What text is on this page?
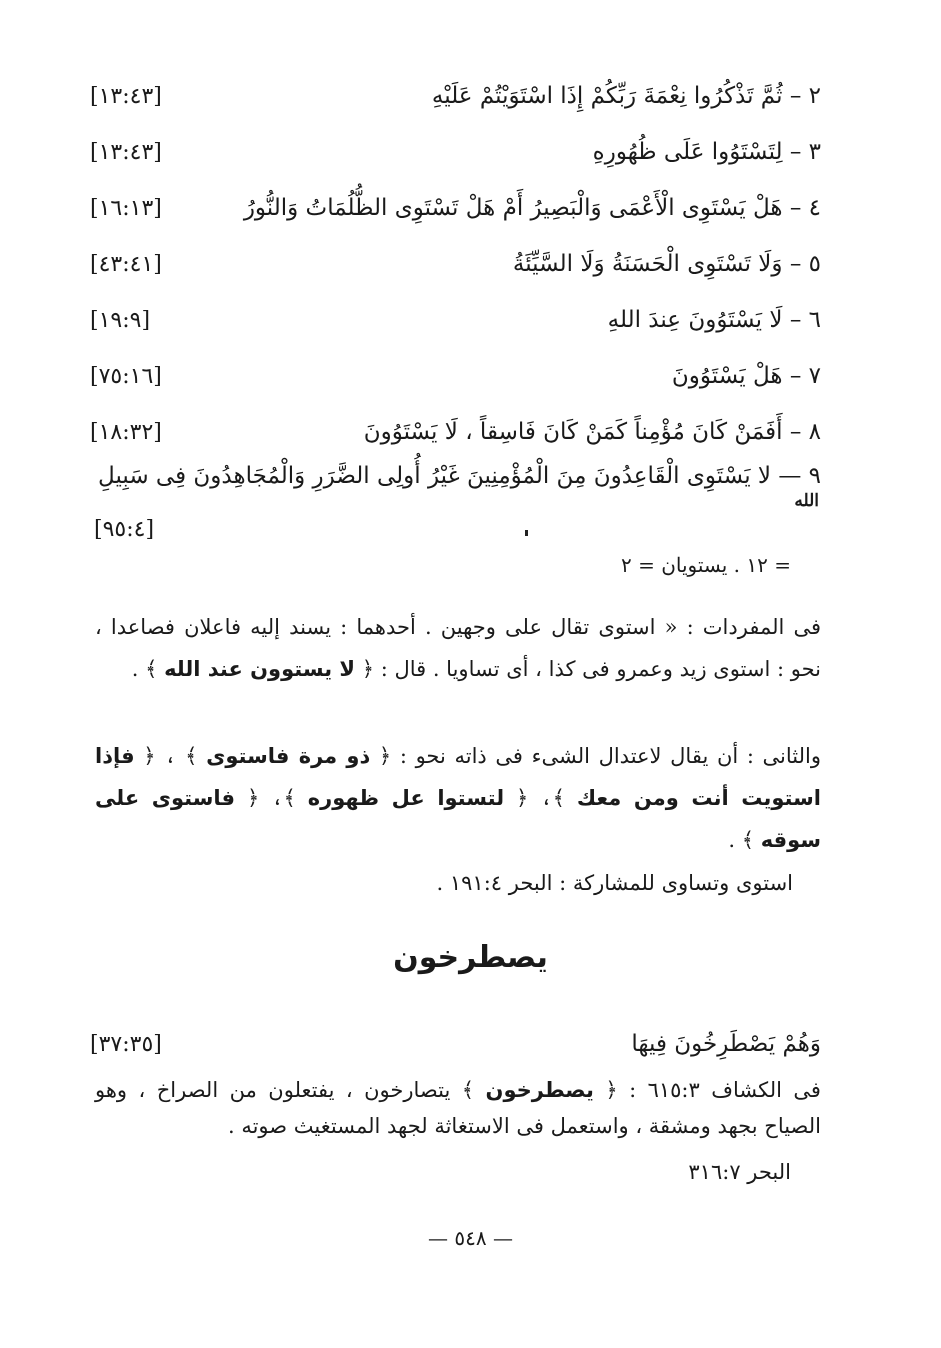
٢ – ثُمَّ تَذْكُرُوا نِعْمَةَ رَبِّكُمْ إِذَا اسْتَوَيْتُمْ عَلَيْهِ
[١٣:٤٣]
٣ – لِتَسْتَوُوا عَلَى ظُهُورِهِ
[١٣:٤٣]
٤ – هَلْ يَسْتَوِى الْأَعْمَى وَالْبَصِيرُ أَمْ هَلْ تَسْتَوِى الظُّلُمَاتُ وَالنُّورُ
[١٦:١٣]
٥ – وَلَا تَسْتَوِى الْحَسَنَةُ وَلَا السَّيِّئَةُ
[٤٣:٤١]
٦ – لَا يَسْتَوُونَ عِندَ اللهِ
[١٩:٩]
٧ – هَلْ يَسْتَوُونَ
[٧٥:١٦]
٨ – أَفَمَنْ كَانَ مُؤْمِناً كَمَنْ كَانَ فَاسِقاً ، لَا يَسْتَوُونَ
[١٨:٣٢]
٩ — لا يَسْتَوِى الْقَاعِدُونَ مِنَ الْمُؤْمِنِينَ غَيْرُ أُولِى الضَّرَرِ وَالْمُجَاهِدُونَ فِى سَبِيلِ
الله
[٩٥:٤]
= ١٢ . يستويان = ٢
فى المفردات : « استوى تقال على وجهين . أحدهما : يسند إليه فاعلان فصاعدا ، نحو : استوى زيد وعمرو فى كذا ، أى تساويا . قال : ﴿ لا يستوون عند الله ﴾ .
والثانى : أن يقال لاعتدال الشىء فى ذاته نحو : ﴿ ذو مرة فاستوى ﴾ ، ﴿ فإذا استويت أنت ومن معك ﴾، ﴿ لتستوا عل ظهوره ﴾، ﴿ فاستوى على سوقه ﴾ .
استوى وتساوى للمشاركة : البحر ١٩١:٤ .
يصطرخون
وَهُمْ يَصْطَرِخُونَ فِيهَا
[٣٧:٣٥]
فى الكشاف ٦١٥:٣ : ﴿ يصطرخون ﴾ يتصارخون ، يفتعلون من الصراخ ، وهو الصياح بجهد ومشقة ، واستعمل فى الاستغاثة لجهد المستغيث صوته .
البحر ٣١٦:٧
— ٥٤٨ —
